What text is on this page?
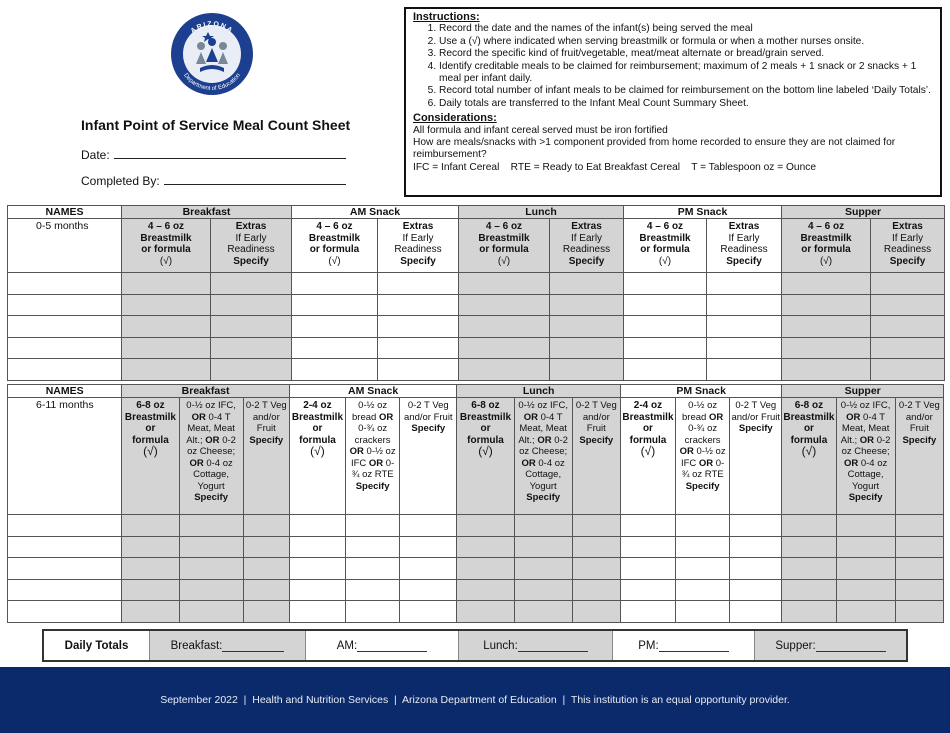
ARIZONA
Department of Education
Infant Point of Service Meal Count Sheet
Date:
Completed By:
Instructions:
1. Record the date and the names of the infant(s) being served the meal
2. Use a (√) where indicated when serving breastmilk or formula or when a mother nurses onsite.
3. Record the specific kind of fruit/vegetable, meat/meat alternate or bread/grain served.
4. Identify creditable meals to be claimed for reimbursement; maximum of 2 meals + 1 snack or 2 snacks + 1 meal per infant daily.
5. Record total number of infant meals to be claimed for reimbursement on the bottom line labeled ‘Daily Totals’.
6. Daily totals are transferred to the Infant Meal Count Summary Sheet.
Considerations:

All formula and infant cereal served must be iron fortified

How are meals/snacks with >1 component provided from home recorded to ensure they are not claimed for reimbursement?

IFC = Infant Cereal    RTE = Ready to Eat Breakfast Cereal    T = Tablespoon oz = Ounce

NAMES	Breakfast		AM Snack		Lunch		PM Snack		Supper	
0-5 months	4 – 6 oz
Breastmilk
or formula
(√)	Extras
If Early
Readiness
Specify	4 – 6 oz
Breastmilk
or formula
(√)	Extras
If Early
Readiness
Specify	4 – 6 oz
Breastmilk
or formula
(√)	Extras
If Early
Readiness
Specify	4 – 6 oz
Breastmilk
or formula
(√)	Extras
If Early
Readiness
Specify	4 – 6 oz
Breastmilk
or formula
(√)	Extras
If Early
Readiness
Specify

NAMES	Breakfast			AM Snack			Lunch			PM Snack			Supper		
6-11 months	6-8 oz
Breastmilk
or
formula
(√)	0-½ oz IFC, OR 0-4 T Meat, Meat Alt.; OR 0-2 oz Cheese; OR 0-4 oz Cottage, Yogurt
Specify	0-2 T Veg and/or Fruit
Specify	2-4 oz
Breastmilk
or
formula
(√)	0-½ oz bread OR 0-¾ oz crackers OR 0-½ oz IFC OR 0-¾ oz RTE
Specify	0-2 T Veg and/or Fruit
Specify	6-8 oz
Breastmilk
or
formula
(√)	0-½ oz IFC, OR 0-4 T Meat, Meat Alt.; OR 0-2 oz Cheese; OR 0-4 oz Cottage, Yogurt
Specify	0-2 T Veg and/or Fruit
Specify	2-4 oz
Breastmilk
or
formula
(√)	0-½ oz bread OR 0-¾ oz crackers OR 0-½ oz IFC OR 0-¾ oz RTE
Specify	0-2 T Veg and/or Fruit
Specify	6-8 oz
Breastmilk
or
formula
(√)	0-½ oz IFC, OR 0-4 T Meat, Meat Alt.; OR 0-2 oz Cheese; OR 0-4 oz Cottage, Yogurt
Specify	0-2 T Veg and/or Fruit
Specify

Daily Totals	Breakfast:	AM:	Lunch:	PM:	Supper:
September 2022  |  Health and Nutrition Services  |  Arizona Department of Education  |  This institution is an equal opportunity provider.
